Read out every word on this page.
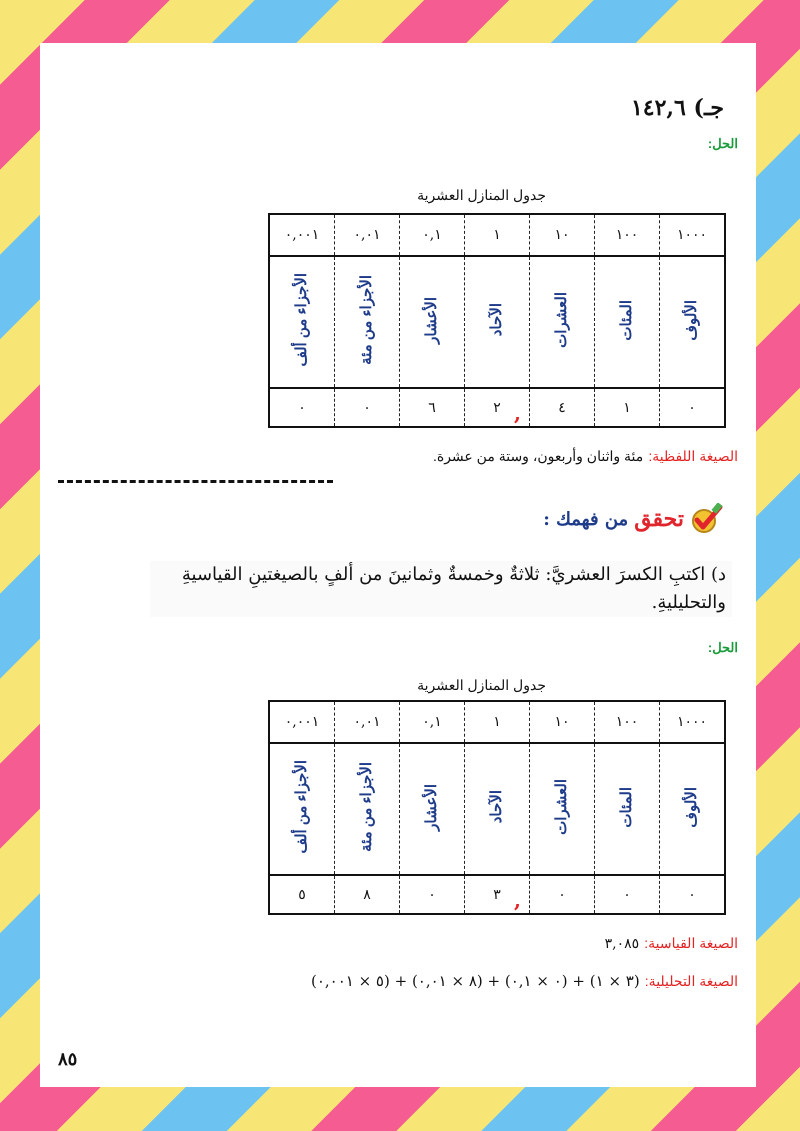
جـ) ١٤٢,٦
الحل:
جدول المنازل العشرية
١٠٠٠	١٠٠	١٠	١	٠,١	٠,٠١	٠,٠٠١
الألوف	المئات	العشرات	الآحاد	الأعشار	الأجزاء من مئة	الأجزاء من ألف
٠	١	٤	٢	٦	٠	٠	,
الصيغة اللفظية: مئة واثنان وأربعون، وستة من عشرة.
تحقق
من فهمك :
د) اكتبِ الكسرَ العشريَّ: ثلاثةٌ وخمسةٌ وثمانينَ من ألفٍ بالصيغتينِ القياسيةِ والتحليليةِ.
الحل:
جدول المنازل العشرية
١٠٠٠	١٠٠	١٠	١	٠,١	٠,٠١	٠,٠٠١
الألوف	المئات	العشرات	الآحاد	الأعشار	الأجزاء من مئة	الأجزاء من ألف
٠	٠	٠	٣	٠	٨	٥	,
الصيغة القياسية: ٣,٠٨٥
الصيغة التحليلية: (٣ × ١) + (٠ × ٠,١) + (٨ × ٠,٠١) + (٥ × ٠,٠٠١)
٨٥
